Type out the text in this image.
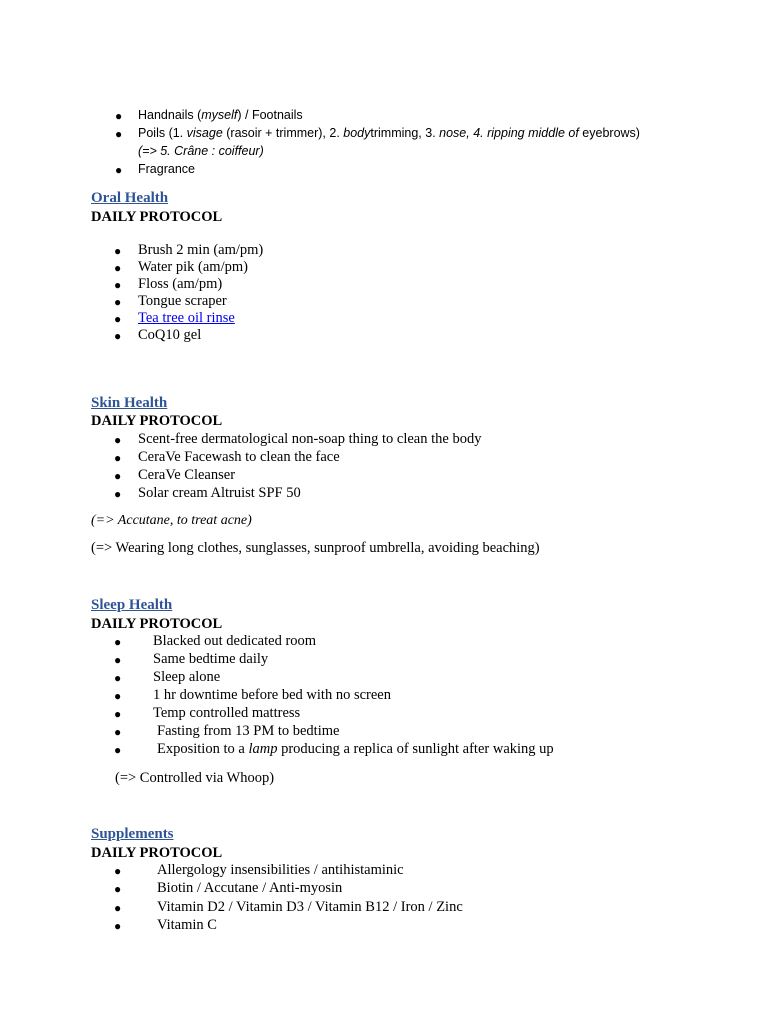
● Handnails (myself) / Footnails
● Poils (1. visage (rasoir + trimmer), 2. bodytrimming, 3. nose, 4. ripping middle of eyebrows)
(=> 5. Crâne : coiffeur)
● Fragrance
Oral Health
DAILY PROTOCOL
● Brush 2 min (am/pm)
● Water pik (am/pm)
● Floss (am/pm)
● Tongue scraper
● Tea tree oil rinse
● CoQ10 gel
Skin Health
DAILY PROTOCOL
● Scent-free dermatological non-soap thing to clean the body
● CeraVe Facewash to clean the face
● CeraVe Cleanser
● Solar cream Altruist SPF 50
(=> Accutane, to treat acne)
(=> Wearing long clothes, sunglasses, sunproof umbrella, avoiding beaching)
Sleep Health
DAILY PROTOCOL
● Blacked out dedicated room
● Same bedtime daily
● Sleep alone
● 1 hr downtime before bed with no screen
● Temp controlled mattress
● Fasting from 13 PM to bedtime
● Exposition to a lamp producing a replica of sunlight after waking up
(=> Controlled via Whoop)
Supplements
DAILY PROTOCOL
● Allergology insensibilities / antihistaminic
● Biotin / Accutane / Anti-myosin
● Vitamin D2 / Vitamin D3 / Vitamin B12 / Iron / Zinc
● Vitamin C
